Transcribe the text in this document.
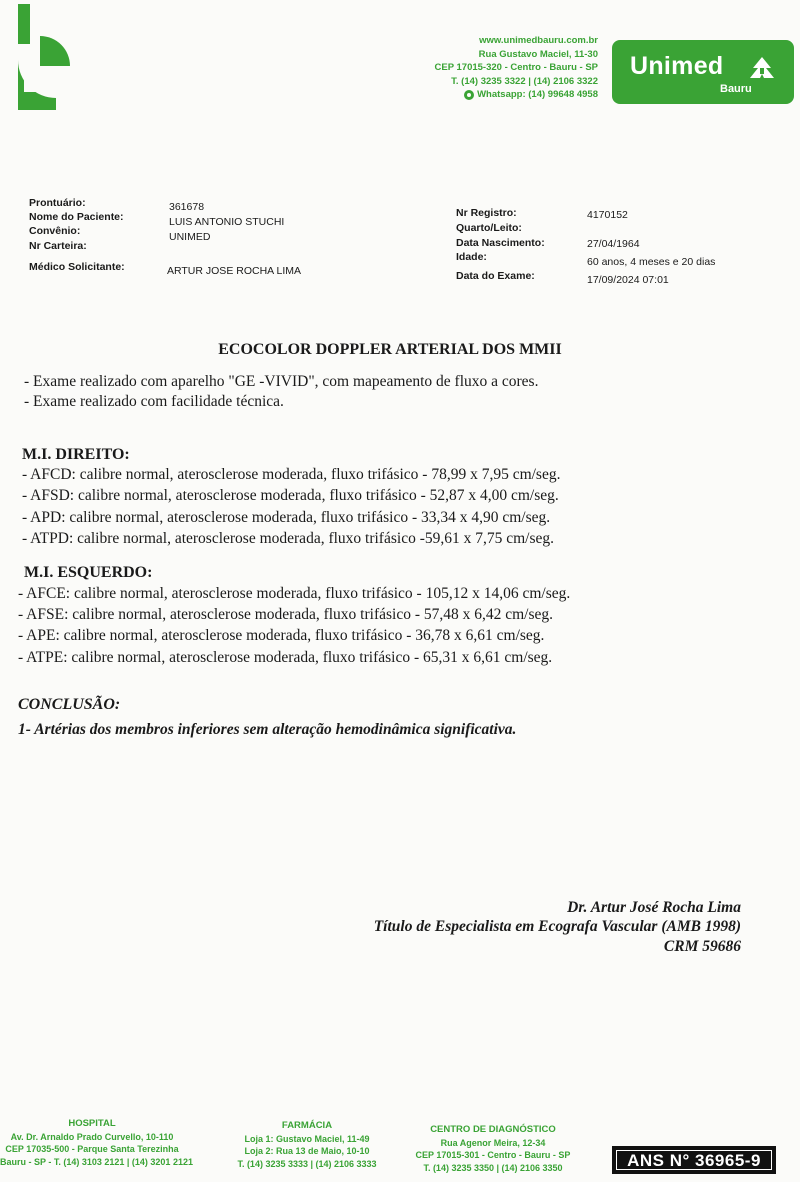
www.unimedbauru.com.br
Rua Gustavo Maciel, 11-30
CEP 17015-320 - Centro - Bauru - SP
T. (14) 3235 3322 | (14) 2106 3322
Whatsapp: (14) 99648 4958
Unimed
Bauru
Prontuário:
Nome do Paciente:
Convênio:
Nr Carteira:
Médico Solicitante:
361678
LUIS ANTONIO STUCHI
UNIMED
ARTUR JOSE ROCHA LIMA
Nr Registro:
Quarto/Leito:
Data Nascimento:
Idade:
Data do Exame:
4170152
27/04/1964
60 anos, 4 meses e 20 dias
17/09/2024 07:01
ECOCOLOR DOPPLER ARTERIAL DOS MMII
- Exame realizado com aparelho "GE -VIVID", com mapeamento de fluxo a cores.
- Exame realizado com facilidade técnica.
M.I. DIREITO:
- AFCD: calibre normal, aterosclerose moderada, fluxo trifásico - 78,99 x 7,95 cm/seg.
- AFSD: calibre normal, aterosclerose moderada, fluxo trifásico - 52,87 x 4,00 cm/seg.
- APD: calibre normal, aterosclerose moderada, fluxo trifásico - 33,34 x 4,90 cm/seg.
- ATPD: calibre normal, aterosclerose moderada, fluxo trifásico -59,61 x 7,75 cm/seg.
M.I. ESQUERDO:
- AFCE: calibre normal, aterosclerose moderada, fluxo trifásico - 105,12 x 14,06 cm/seg.
- AFSE: calibre normal, aterosclerose moderada, fluxo trifásico - 57,48 x 6,42 cm/seg.
- APE: calibre normal, aterosclerose moderada, fluxo trifásico - 36,78 x 6,61 cm/seg.
- ATPE: calibre normal, aterosclerose moderada, fluxo trifásico - 65,31 x 6,61 cm/seg.
CONCLUSÃO:
1- Artérias dos membros inferiores sem alteração hemodinâmica significativa.
Dr. Artur José Rocha Lima
Título de Especialista em Ecografa Vascular (AMB 1998)
CRM 59686
HOSPITAL
Av. Dr. Arnaldo Prado Curvello, 10-110
CEP 17035-500 - Parque Santa Terezinha
Bauru - SP - T. (14) 3103 2121 | (14) 3201 2121
FARMÁCIA
Loja 1: Gustavo Maciel, 11-49
Loja 2: Rua 13 de Maio, 10-10
T. (14) 3235 3333 | (14) 2106 3333
CENTRO DE DIAGNÓSTICO
Rua Agenor Meira, 12-34
CEP 17015-301 - Centro - Bauru - SP
T. (14) 3235 3350 | (14) 2106 3350	ANS N° 36965-9
